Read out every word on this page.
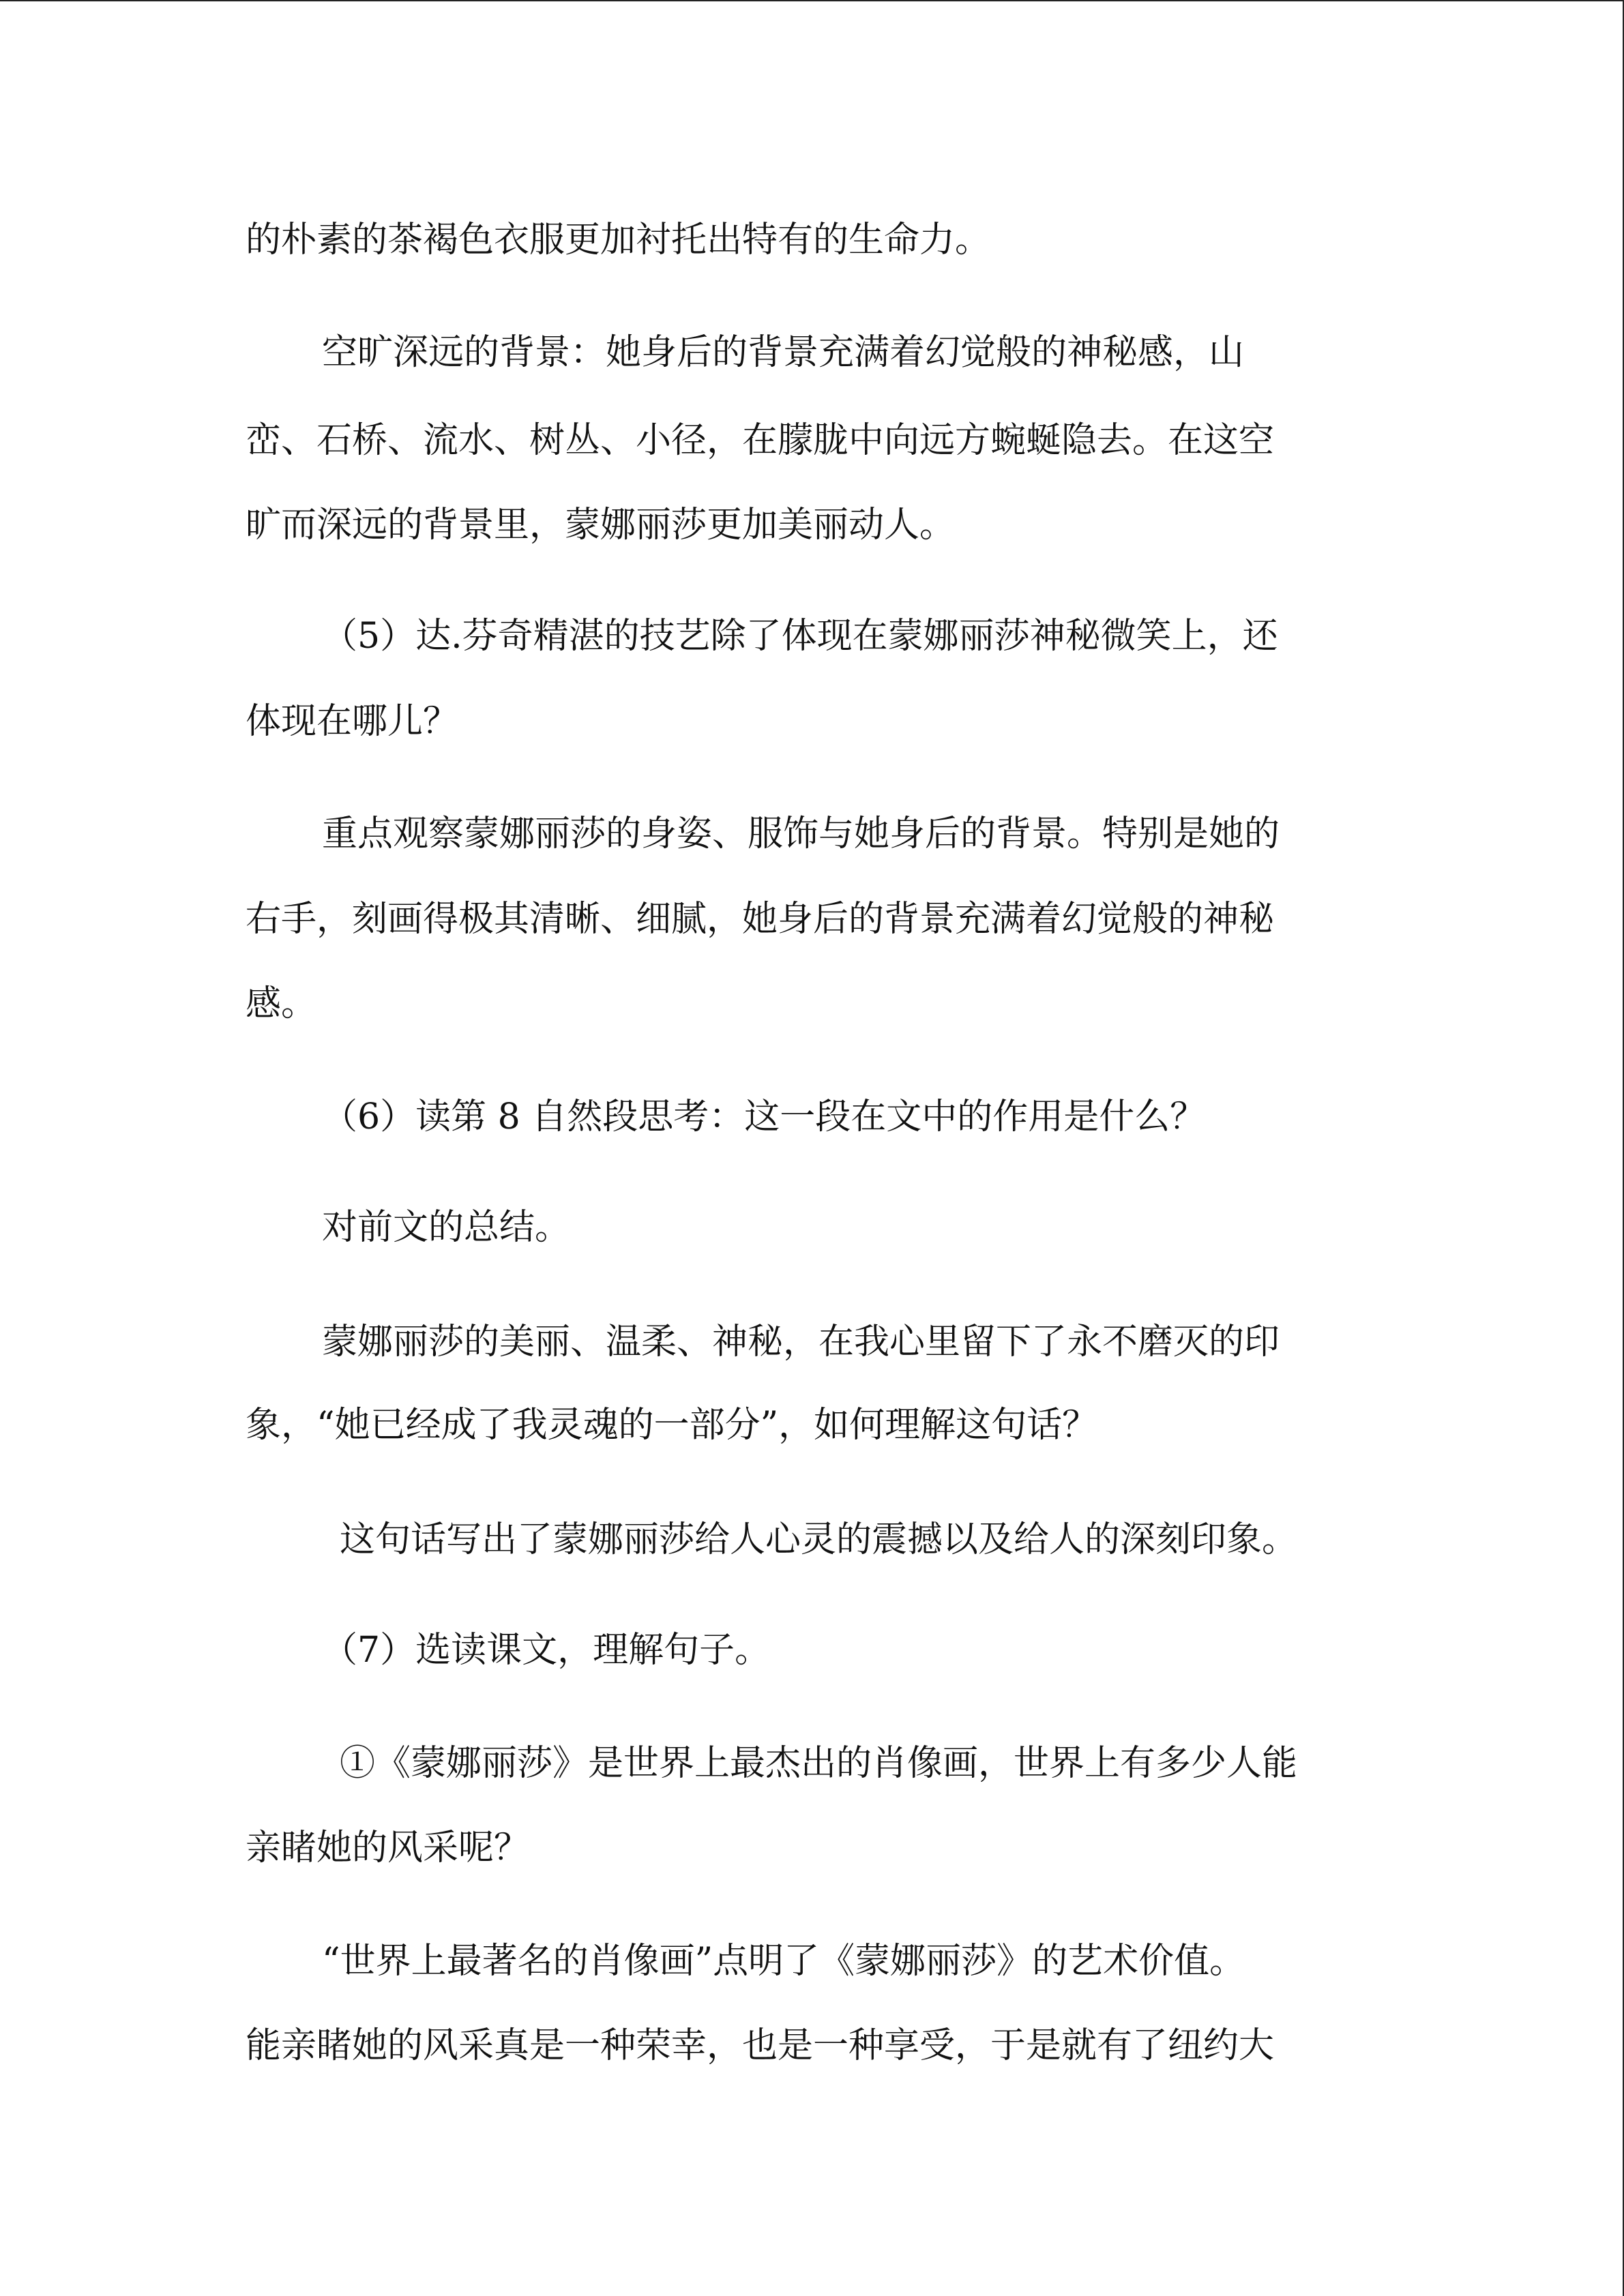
的朴素的茶褐色衣服更加衬托出特有的生命力。
空旷深远的背景：她身后的背景充满着幻觉般的神秘感，山
峦、石桥、流水、树丛、小径，在朦胧中向远方蜿蜒隐去。在这空
旷而深远的背景里，蒙娜丽莎更加美丽动人。
（5）达.芬奇精湛的技艺除了体现在蒙娜丽莎神秘微笑上，还
体现在哪儿？
重点观察蒙娜丽莎的身姿、服饰与她身后的背景。特别是她的
右手，刻画得极其清晰、细腻，她身后的背景充满着幻觉般的神秘
感。
（6）读第 8 自然段思考：这一段在文中的作用是什么？
对前文的总结。
蒙娜丽莎的美丽、温柔、神秘，在我心里留下了永不磨灭的印
象，“她已经成了我灵魂的一部分”，如何理解这句话？
这句话写出了蒙娜丽莎给人心灵的震撼以及给人的深刻印象。
（7）选读课文，理解句子。
①《蒙娜丽莎》是世界上最杰出的肖像画，世界上有多少人能
亲睹她的风采呢？
“世界上最著名的肖像画”点明了《蒙娜丽莎》的艺术价值。
能亲睹她的风采真是一种荣幸，也是一种享受，于是就有了纽约大
